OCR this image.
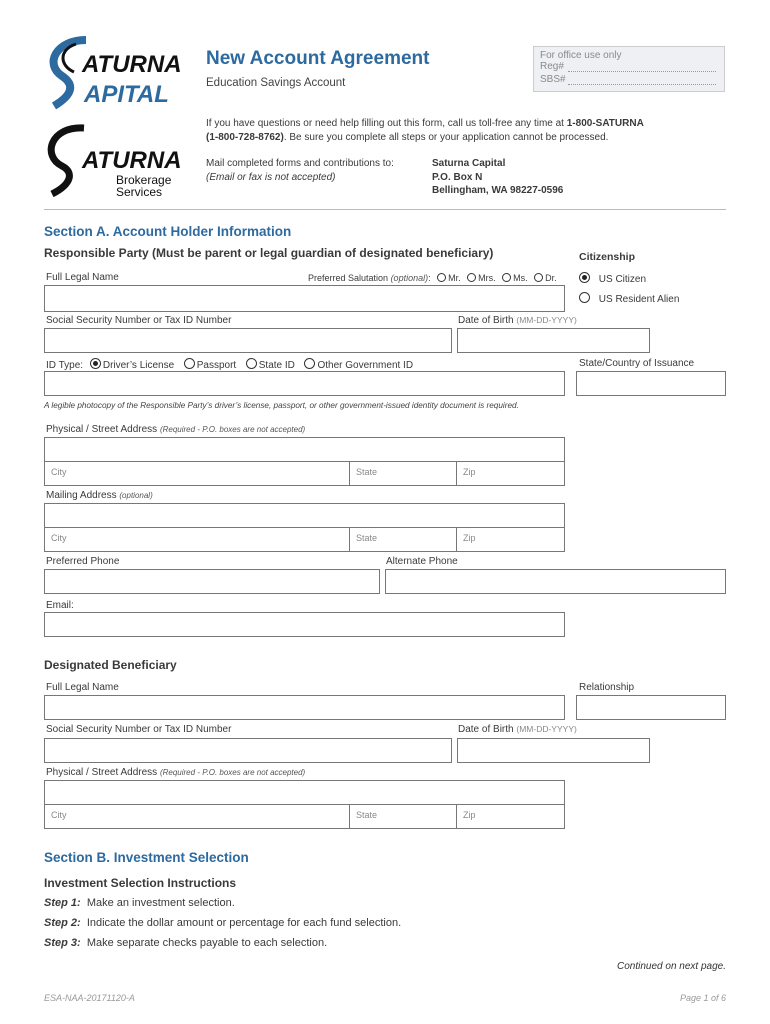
ATURNA
APITAL
ATURNA
Brokerage
Services
New Account Agreement
Education Savings Account
For office use only
Reg#
SBS#
If you have questions or need help filling out this form, call us toll-free any time at 1-800-SATURNA
(1-800-728-8762). Be sure you complete all steps or your application cannot be processed.
Mail completed forms and contributions to:
(Email or fax is not accepted)
Saturna Capital
P.O. Box N
Bellingham, WA 98227-0596
Section A. Account Holder Information
Responsible Party (Must be parent or legal guardian of designated beneficiary)	Citizenship
US Citizen
US Resident Alien
Full Legal Name	Preferred Salutation (optional): Mr. Mrs. Ms. Dr.
Social Security Number or Tax ID Number	Date of Birth (MM-DD-YYYY)
ID Type: Driver’s License Passport State ID Other Government ID	State/Country of Issuance
A legible photocopy of the Responsible Party’s driver’s license, passport, or other government-issued identity document is required.
Physical / Street Address (Required - P.O. boxes are not accepted)
City	State	Zip
Mailing Address (optional)
City	State	Zip
Preferred Phone	Alternate Phone
Email:
Designated Beneficiary
Full Legal Name	Relationship
Social Security Number or Tax ID Number	Date of Birth (MM-DD-YYYY)
Physical / Street Address (Required - P.O. boxes are not accepted)
City	State	Zip
Section B. Investment Selection
Investment Selection Instructions
Step 1: Make an investment selection.
Step 2: Indicate the dollar amount or percentage for each fund selection.
Step 3: Make separate checks payable to each selection.
Continued on next page.
ESA-NAA-20171120-A	Page 1 of 6
